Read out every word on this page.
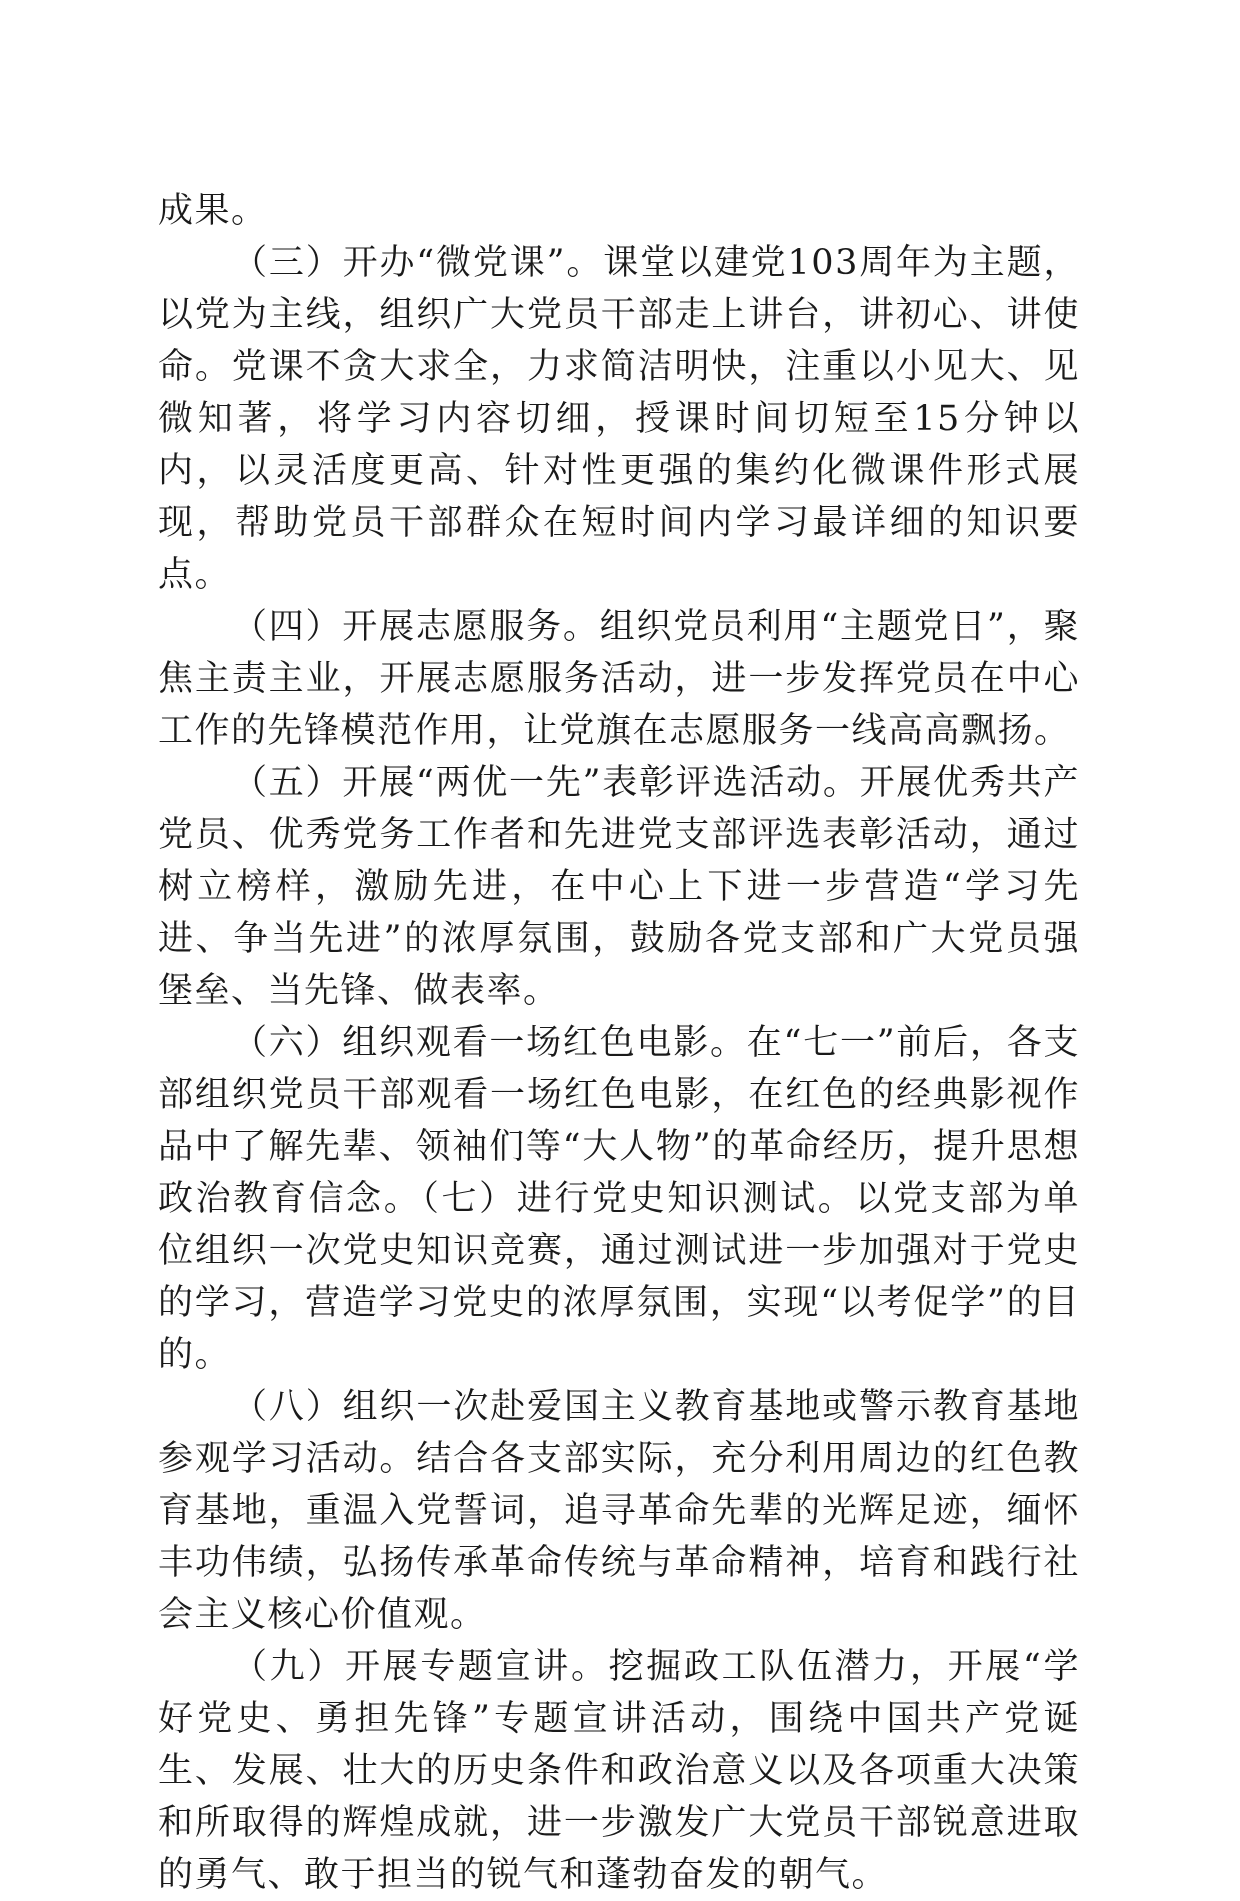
成果。

（三）开办“微党课”。课堂以建党103周年为主题，以党为主线，组织广大党员干部走上讲台，讲初心、讲使命。党课不贪大求全，力求简洁明快，注重以小见大、见微知著，将学习内容切细，授课时间切短至15分钟以内，以灵活度更高、针对性更强的集约化微课件形式展现，帮助党员干部群众在短时间内学习最详细的知识要点。

（四）开展志愿服务。组织党员利用“主题党日”，聚焦主责主业，开展志愿服务活动，进一步发挥党员在中心工作的先锋模范作用，让党旗在志愿服务一线高高飘扬。

（五）开展“两优一先”表彰评选活动。开展优秀共产党员、优秀党务工作者和先进党支部评选表彰活动，通过树立榜样，激励先进，在中心上下进一步营造“学习先进、争当先进”的浓厚氛围，鼓励各党支部和广大党员强堡垒、当先锋、做表率。

（六）组织观看一场红色电影。在“七一”前后，各支部组织党员干部观看一场红色电影，在红色的经典影视作品中了解先辈、领袖们等“大人物”的革命经历，提升思想政治教育信念。（七）进行党史知识测试。以党支部为单位组织一次党史知识竞赛，通过测试进一步加强对于党史的学习，营造学习党史的浓厚氛围，实现“以考促学”的目的。

（八）组织一次赴爱国主义教育基地或警示教育基地参观学习活动。结合各支部实际，充分利用周边的红色教育基地，重温入党誓词，追寻革命先辈的光辉足迹，缅怀丰功伟绩，弘扬传承革命传统与革命精神，培育和践行社会主义核心价值观。

（九）开展专题宣讲。挖掘政工队伍潜力，开展“学好党史、勇担先锋”专题宣讲活动，围绕中国共产党诞生、发展、壮大的历史条件和政治意义以及各项重大决策和所取得的辉煌成就，进一步激发广大党员干部锐意进取的勇气、敢于担当的锐气和蓬勃奋发的朝气。
